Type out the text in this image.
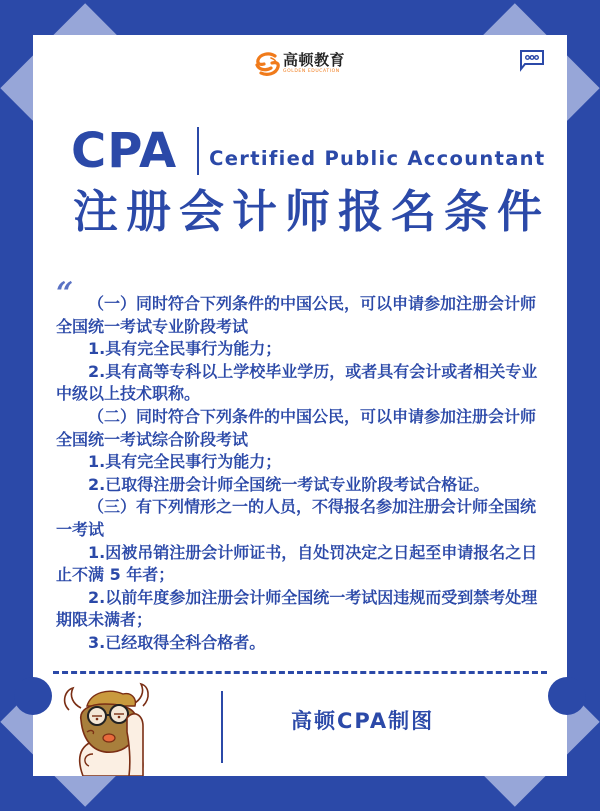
高顿教育
GOLDEN EDUCATION
CPA Certified Public Accountant
注册会计师报名条件
“ （一）同时符合下列条件的中国公民，可以申请参加注册会计师全国统一考试专业阶段考试

1.具有完全民事行为能力；

2.具有高等专科以上学校毕业学历，或者具有会计或者相关专业中级以上技术职称。

（二）同时符合下列条件的中国公民，可以申请参加注册会计师全国统一考试综合阶段考试

1.具有完全民事行为能力；

2.已取得注册会计师全国统一考试专业阶段考试合格证。

（三）有下列情形之一的人员，不得报名参加注册会计师全国统一考试

1.因被吊销注册会计师证书，自处罚决定之日起至申请报名之日止不满 5 年者；

2.以前年度参加注册会计师全国统一考试因违规而受到禁考处理期限未满者；

3.已经取得全科合格者。

高顿CPA制图
